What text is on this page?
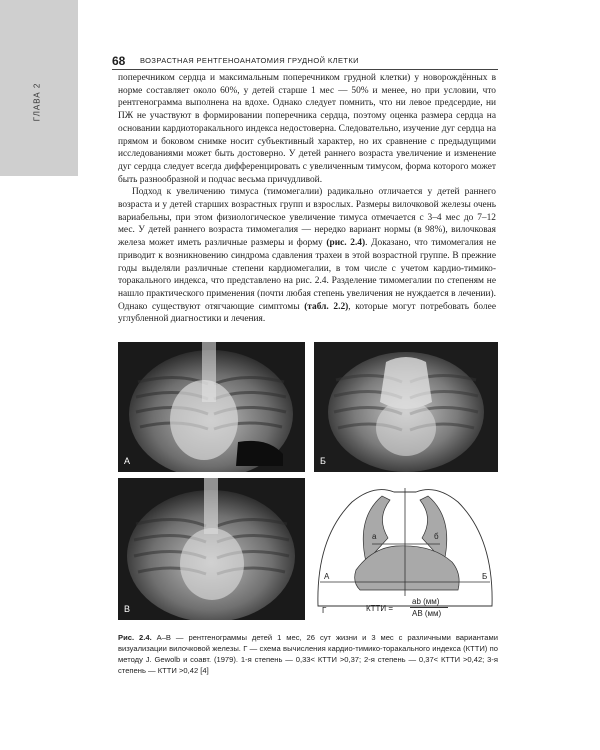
ГЛАВА 2
68 ВОЗРАСТНАЯ РЕНТГЕНОАНАТОМИЯ ГРУДНОЙ КЛЕТКИ

поперечником сердца и максимальным поперечником грудной клетки) у новорождённых в норме составляет около 60%, у детей старше 1 мес — 50% и менее, но при условии, что рентгенограмма выполнена на вдохе. Однако следует помнить, что ни левое предсердие, ни ПЖ не участвуют в формировании поперечника сердца, поэтому оценка размера сердца на основании кардиоторакального индекса недостоверна. Следовательно, изучение дуг сердца на прямом и боковом снимке носит субъективный характер, но их сравнение с предыдущими исследованиями может быть достоверно. У детей раннего возраста увеличение и изменение дуг сердца следует всегда дифференцировать с увеличенным тимусом, форма которого может быть разнообразной и подчас весьма причудливой.

Подход к увеличению тимуса (тимомегалии) радикально отличается у детей раннего возраста и у детей старших возрастных групп и взрослых. Размеры вилочковой железы очень вариабельны, при этом физиологическое увеличение тимуса отмечается с 3–4 мес до 7–12 мес. У детей раннего возраста тимомегалия — нередко вариант нормы (в 98%), вилочковая железа может иметь различные размеры и форму (рис. 2.4). Доказано, что тимомегалия не приводит к возникновению синдрома сдавления трахеи в этой возрастной группе. В прежние годы выделяли различные степени кардиомегалии, в том числе с учетом кардио-тимико-торакального индекса, что представлено на рис. 2.4. Разделение тимомегалии по степеням не нашло практического применения (почти любая степень увеличения не нуждается в лечении). Однако существуют отягчающие симптомы (табл. 2.2), которые могут потребовать более углубленной диагностики и лечения.

А	Б
В
а	б
А	Б
Г	КТТИ =
ab (мм)
AB (мм)
Рис. 2.4. А–В — рентгенограммы детей 1 мес, 26 сут жизни и 3 мес с различными вариантами визуализации вилочковой железы. Г — схема вычисления кардио-тимико-торакального индекса (КТТИ) по методу J. Gewolb и соавт. (1979). 1-я степень — 0,33< КТТИ >0,37; 2-я степень — 0,37< КТТИ >0,42; 3-я степень — КТТИ >0,42 [4]
